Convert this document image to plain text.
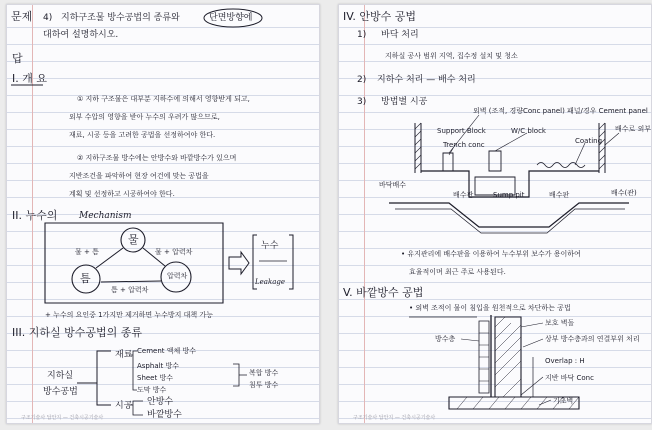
문제 4) 지하구조물 방수공법의 종류와	단면방향에
대하여 설명하시오.
답
I. 개 요
① 지하 구조물은 대부분 지하수에 의해서 영향받게 되고,
외부 수압의 영향을 받아 누수의 우려가 많으므로,
재료, 시공 등을 고려한 공법을 선정하여야 한다.
② 지하구조물 방수에는 안방수와 바깥방수가 있으며
지반조건을 파악하여 현장 여건에 맞는 공법을
계획 및 선정하고 시공하여야 한다.
II. 누수의 Mechanism
물
틈	압력차
물 + 틈	물 + 압력차
틈 + 압력차
누수
Leakage
+ 누수의 요인중 1가지만 제거하면 누수방지 대책 가능
III. 지하실 방수공법의 종류
지하실
방수공법
재료 Cement 액체 방수
Asphalt 방수
Sheet 방수
도막 방수
복합 방수
침투 방수
시공 안방수
바깥방수
구조기술사 답안지 — 건축시공기술사
IV. 안방수 공법
1) 바닥 처리
지하실 공사 범위 지역, 집수정 설치 및 청소
2) 지하수 처리 — 배수 처리
3) 방법별 시공
외벽 (조적, 경량Conc panel) 패널/경우 Cement panel
Support Block	W/C block
Trench conc	Coating
배수로 외부
배수관	Sump pit	배수판
바닥배수
배수(관)
• 유지관리에 배수판을 이용하여 누수부위 보수가 용이하여
효율적이며 최근 주로 사용된다.
V. 바깥방수 공법
• 외벽 조적이 물이 침입을 원천적으로 차단하는 공법
보호 벽돌
방수층	상부 방수층과의 연결부위 처리
Overlap : H
지반 바닥 Conc
기초벽
구조기술사 답안지 — 건축시공기술사
